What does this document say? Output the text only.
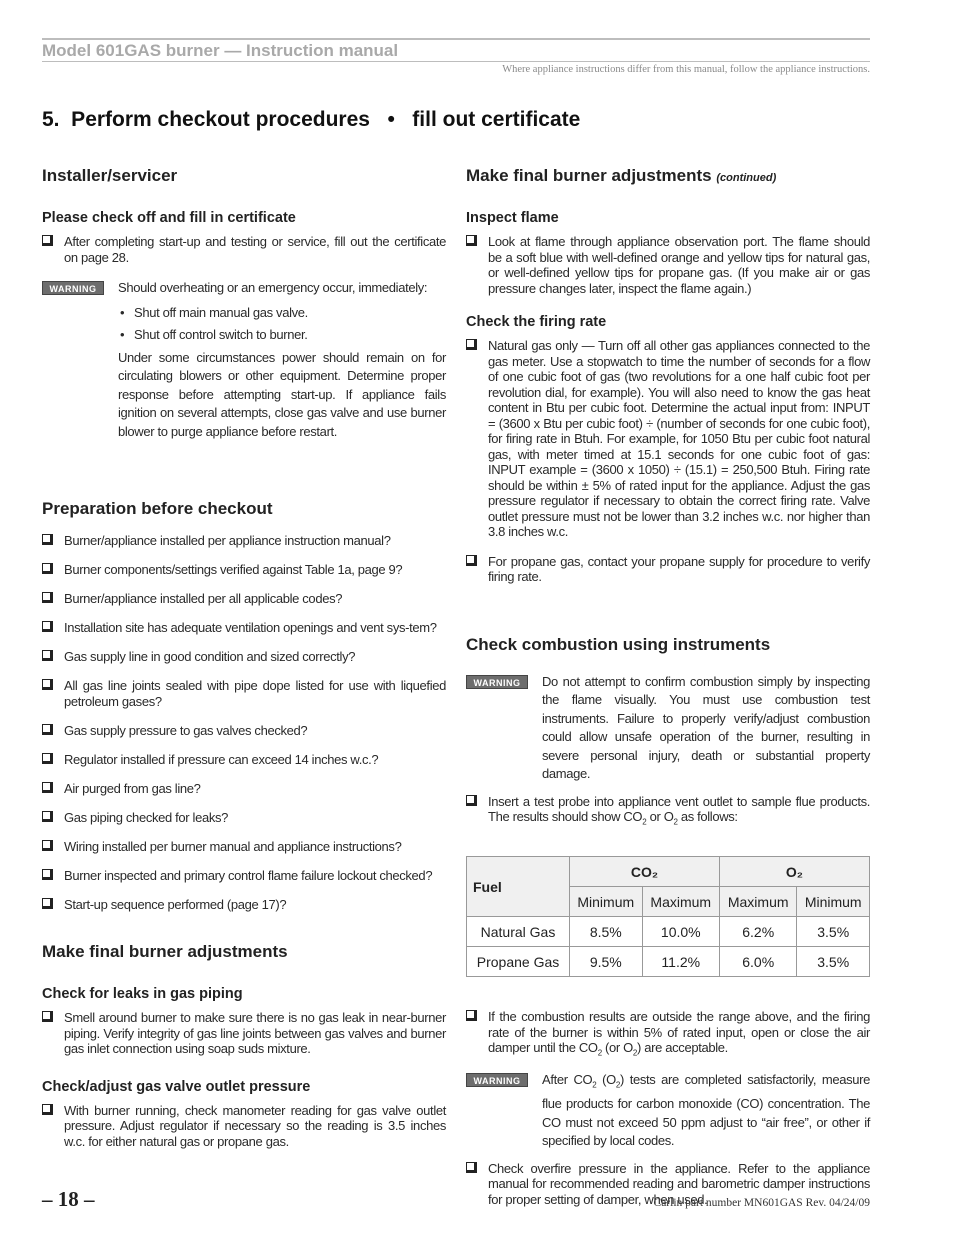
Model 601GAS burner — Instruction manual
Where appliance instructions differ from this manual, follow the appliance instructions.
5.  Perform checkout procedures   •   fill out certificate
Installer/servicer
Please check off and fill in certificate
After completing start-up and testing or service, fill out the certificate on page 28.
WARNING	Should overheating or an emergency occur, immediately:
• Shut off main manual gas valve.
• Shut off control switch to burner.
Under some circumstances power should remain on for circulating blowers or other equipment. Determine proper response before attempting start-up. If appliance fails ignition on several attempts, close gas valve and use burner blower to purge appliance before restart.
Preparation before checkout
Burner/appliance installed per appliance instruction manual?
Burner components/settings verified against Table 1a, page 9?
Burner/appliance installed per all applicable codes?
Installation site has adequate ventilation openings and vent sys-tem?
Gas supply line in good condition and sized correctly?
All gas line joints sealed with pipe dope listed for use with liquefied petroleum gases?
Gas supply pressure to gas valves checked?
Regulator installed if pressure can exceed 14 inches w.c.?
Air purged from gas line?
Gas piping checked for leaks?
Wiring installed per burner manual and appliance instructions?
Burner inspected and primary control flame failure lockout checked?
Start-up sequence performed (page 17)?
Make final burner adjustments
Check for leaks in gas piping
Smell around burner to make sure there is no gas leak in near-burner piping. Verify integrity of gas line joints between gas valves and burner gas inlet connection using soap suds mixture.
Check/adjust gas valve outlet pressure
With burner running, check manometer reading for gas valve outlet pressure. Adjust regulator if necessary so the reading is 3.5 inches w.c. for either natural gas or propane gas.
Make final burner adjustments (continued)
Inspect flame
Look at flame through appliance observation port. The flame should be a soft blue with well-defined orange and yellow tips for natural gas, or well-defined yellow tips for propane gas. (If you make air or gas pressure changes later, inspect the flame again.)
Check the firing rate
Natural gas only — Turn off all other gas appliances connected to the gas meter. Use a stopwatch to time the number of seconds for a flow of one cubic foot of gas (two revolutions for a one half cubic foot per revolution dial, for example). You will also need to know the gas heat content in Btu per cubic foot. Determine the actual input from: INPUT = (3600 x Btu per cubic foot) ÷ (number of seconds for one cubic foot), for firing rate in Btuh. For example, for 1050 Btu per cubic foot natural gas, with meter timed at 15.1 seconds for one cubic foot of gas: INPUT example = (3600 x 1050) ÷ (15.1) = 250,500 Btuh. Firing rate should be within ± 5% of rated input for the appliance. Adjust the gas pressure regulator if necessary to obtain the correct firing rate. Valve outlet pressure must not be lower than 3.2 inches w.c. nor higher than 3.8 inches w.c.
For propane gas, contact your propane supply for procedure to verify firing rate.
Check combustion using instruments
WARNING	Do not attempt to confirm combustion simply by inspecting the flame visually. You must use combustion test instruments. Failure to properly verify/adjust combustion could allow unsafe operation of the burner, resulting in severe personal injury, death or substantial property damage.
Insert a test probe into appliance vent outlet to sample flue products. The results should show $CO_2$ or $O_2$ as follows:
Fuel	CO₂		O₂	
	Minimum	Maximum	Maximum	Minimum
Natural Gas	8.5%	10.0%	6.2%	3.5%
Propane Gas	9.5%	11.2%	6.0%	3.5%
If the combustion results are outside the range above, and the firing rate of the burner is within 5% of rated input, open or close the air damper until the $CO_2$ (or $O_2$) are acceptable.
WARNING	After $CO_2$ $(O_2)$ tests are completed satisfactorily, measure flue products for carbon monoxide (CO) concentration. The CO must not exceed 50 ppm adjust to “air free”, or other if specified by local codes.
Check overfire pressure in the appliance. Refer to the appliance manual for recommended reading and barometric damper instructions for proper setting of damper, when used.
– 18 –	Carlin part number MN601GAS Rev. 04/24/09
